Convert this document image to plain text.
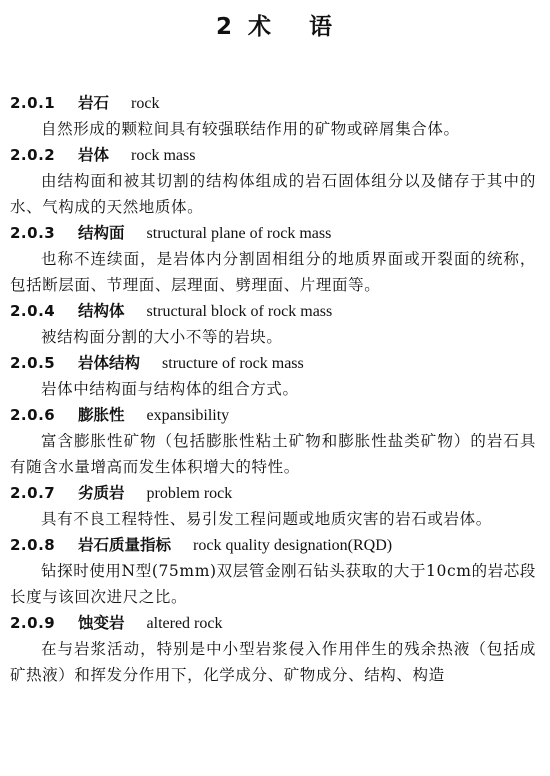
2 术 语
2.0.1	岩石 rock

自然形成的颗粒间具有较强联结作用的矿物或碎屑集合体。

2.0.2	岩体 rock mass

由结构面和被其切割的结构体组成的岩石固体组分以及储存于其中的水、气构成的天然地质体。

2.0.3	结构面 structural plane of rock mass

也称不连续面，是岩体内分割固相组分的地质界面或开裂面的统称，包括断层面、节理面、层理面、劈理面、片理面等。

2.0.4	结构体 structural block of rock mass

被结构面分割的大小不等的岩块。

2.0.5	岩体结构 structure of rock mass

岩体中结构面与结构体的组合方式。

2.0.6	膨胀性 expansibility

富含膨胀性矿物（包括膨胀性粘土矿物和膨胀性盐类矿物）的岩石具有随含水量增高而发生体积增大的特性。

2.0.7	劣质岩 problem rock

具有不良工程特性、易引发工程问题或地质灾害的岩石或岩体。

2.0.8	岩石质量指标 rock quality designation(RQD)

钻探时使用N型(75mm)双层管金刚石钻头获取的大于10cm的岩芯段长度与该回次进尺之比。

2.0.9	蚀变岩 altered rock

在与岩浆活动，特别是中小型岩浆侵入作用伴生的残余热液（包括成矿热液）和挥发分作用下，化学成分、矿物成分、结构、构造
